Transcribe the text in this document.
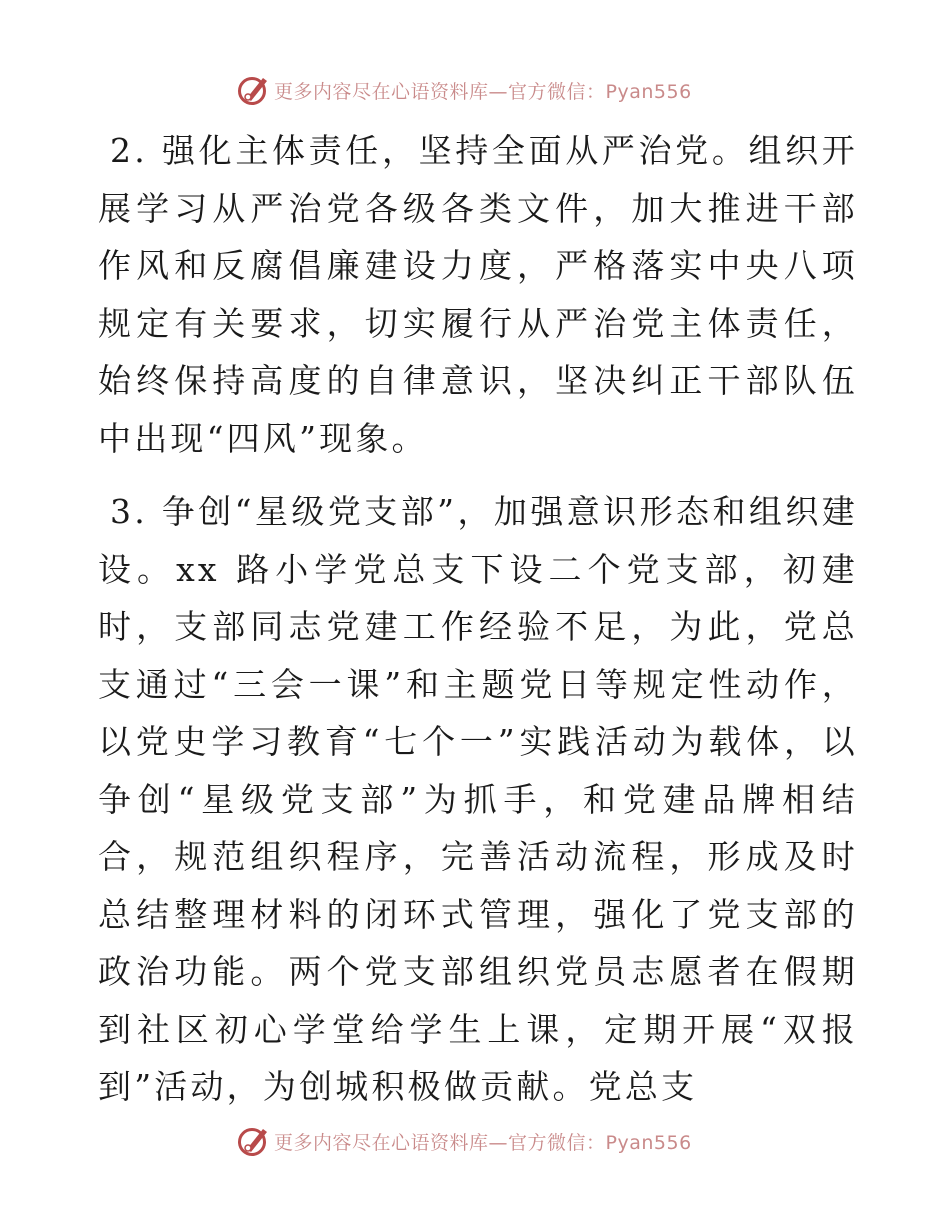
更多内容尽在心语资料库—官方微信：Pyan556

2. 强化主体责任，坚持全面从严治党。组织开展学习从严治党各级各类文件，加大推进干部作风和反腐倡廉建设力度，严格落实中央八项规定有关要求，切实履行从严治党主体责任，始终保持高度的自律意识，坚决纠正干部队伍中出现“四风”现象。

3. 争创“星级党支部”，加强意识形态和组织建设。xx 路小学党总支下设二个党支部，初建时，支部同志党建工作经验不足，为此，党总支通过“三会一课”和主题党日等规定性动作，以党史学习教育“七个一”实践活动为载体，以争创“星级党支部”为抓手，和党建品牌相结合，规范组织程序，完善活动流程，形成及时总结整理材料的闭环式管理，强化了党支部的政治功能。两个党支部组织党员志愿者在假期到社区初心学堂给学生上课，定期开展“双报到”活动，为创城积极做贡献。党总支

更多内容尽在心语资料库—官方微信：Pyan556
